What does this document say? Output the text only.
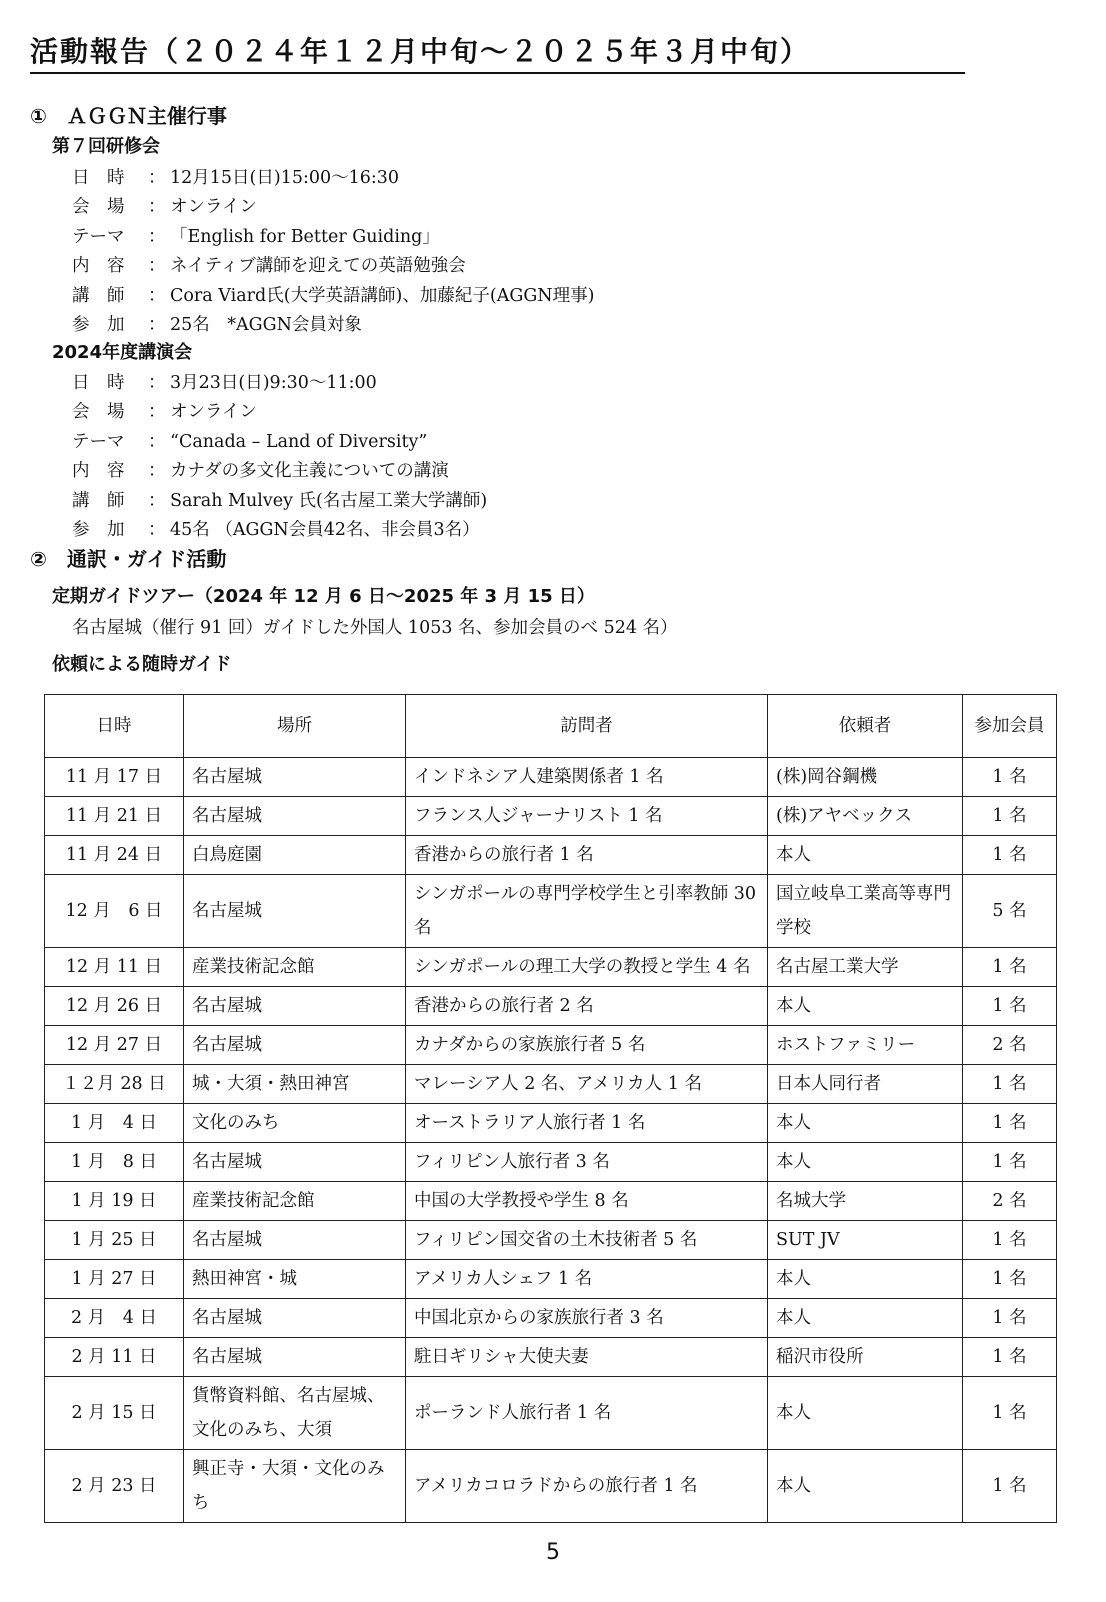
活動報告（２０２４年１２月中旬～２０２５年３月中旬）
①　ＡＧＧＮ主催行事
第７回研修会
日　時 ： 12月15日(日)15:00～16:30
会　場 ： オンライン
テーマ ： 「English for Better Guiding」
内　容 ： ネイティブ講師を迎えての英語勉強会
講　師 ： Cora Viard氏(大学英語講師)、加藤紀子(AGGN理事)
参　加 ： 25名　*AGGN会員対象
2024年度講演会
日　時 ： 3月23日(日)9:30～11:00
会　場 ： オンライン
テーマ ： “Canada – Land of Diversity”
内　容 ： カナダの多文化主義についての講演
講　師 ： Sarah Mulvey 氏(名古屋工業大学講師)
参　加 ： 45名 （AGGN会員42名、非会員3名）
②　通訳・ガイド活動
定期ガイドツアー（2024 年 12 月 6 日～2025 年 3 月 15 日）
名古屋城（催行 91 回）ガイドした外国人 1053 名、参加会員のべ 524 名）
依頼による随時ガイド
日時	場所	訪問者	依頼者	参加会員
11 月 17 日	名古屋城	インドネシア人建築関係者 1 名	(株)岡谷鋼機	1 名
11 月 21 日	名古屋城	フランス人ジャーナリスト 1 名	(株)アヤベックス	1 名
11 月 24 日	白鳥庭園	香港からの旅行者 1 名	本人	1 名
12 月　6 日	名古屋城	シンガポールの専門学校学生と引率教師 30 名	国立岐阜工業高等専門学校	5 名
12 月 11 日	産業技術記念館	シンガポールの理工大学の教授と学生 4 名	名古屋工業大学	1 名
12 月 26 日	名古屋城	香港からの旅行者 2 名	本人	1 名
12 月 27 日	名古屋城	カナダからの家族旅行者 5 名	ホストファミリー	2 名
１２月 28 日	城・大須・熱田神宮	マレーシア人 2 名、アメリカ人 1 名	日本人同行者	1 名
1 月　4 日	文化のみち	オーストラリア人旅行者 1 名	本人	1 名
1 月　8 日	名古屋城	フィリピン人旅行者 3 名	本人	1 名
1 月 19 日	産業技術記念館	中国の大学教授や学生 8 名	名城大学	2 名
1 月 25 日	名古屋城	フィリピン国交省の土木技術者 5 名	SUT JV	1 名
1 月 27 日	熱田神宮・城	アメリカ人シェフ 1 名	本人	1 名
2 月　4 日	名古屋城	中国北京からの家族旅行者 3 名	本人	1 名
2 月 11 日	名古屋城	駐日ギリシャ大使夫妻	稲沢市役所	1 名
2 月 15 日	貨幣資料館、名古屋城、文化のみち、大須	ポーランド人旅行者 1 名	本人	1 名
2 月 23 日	興正寺・大須・文化のみち	アメリカコロラドからの旅行者 1 名	本人	1 名
5
